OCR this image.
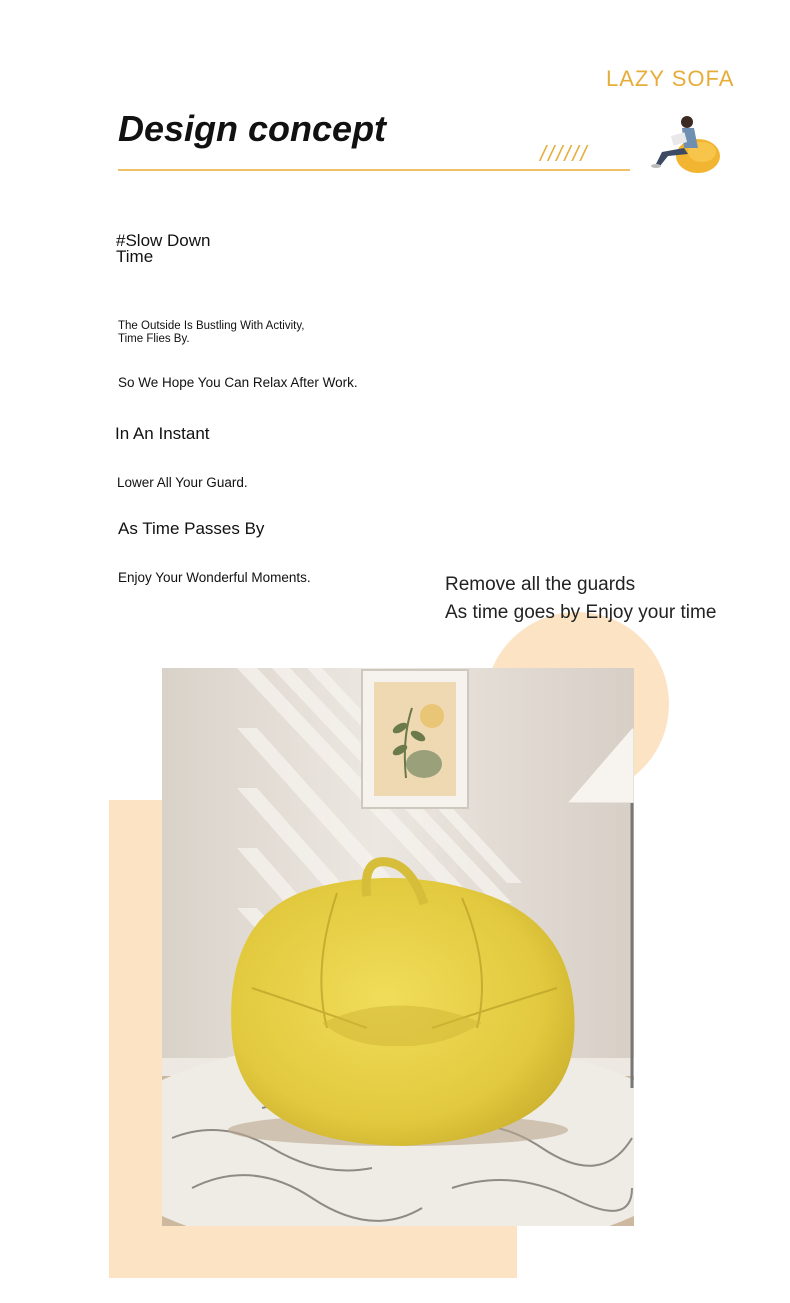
LAZY SOFA
Design concept
//////
#Slow Down
Time
The Outside Is Bustling With Activity,
Time Flies By.
So We Hope You Can Relax After Work.
In An Instant
Lower All Your Guard.
As Time Passes By
Enjoy Your Wonderful Moments.	Remove all the guards
As time goes by Enjoy your time
